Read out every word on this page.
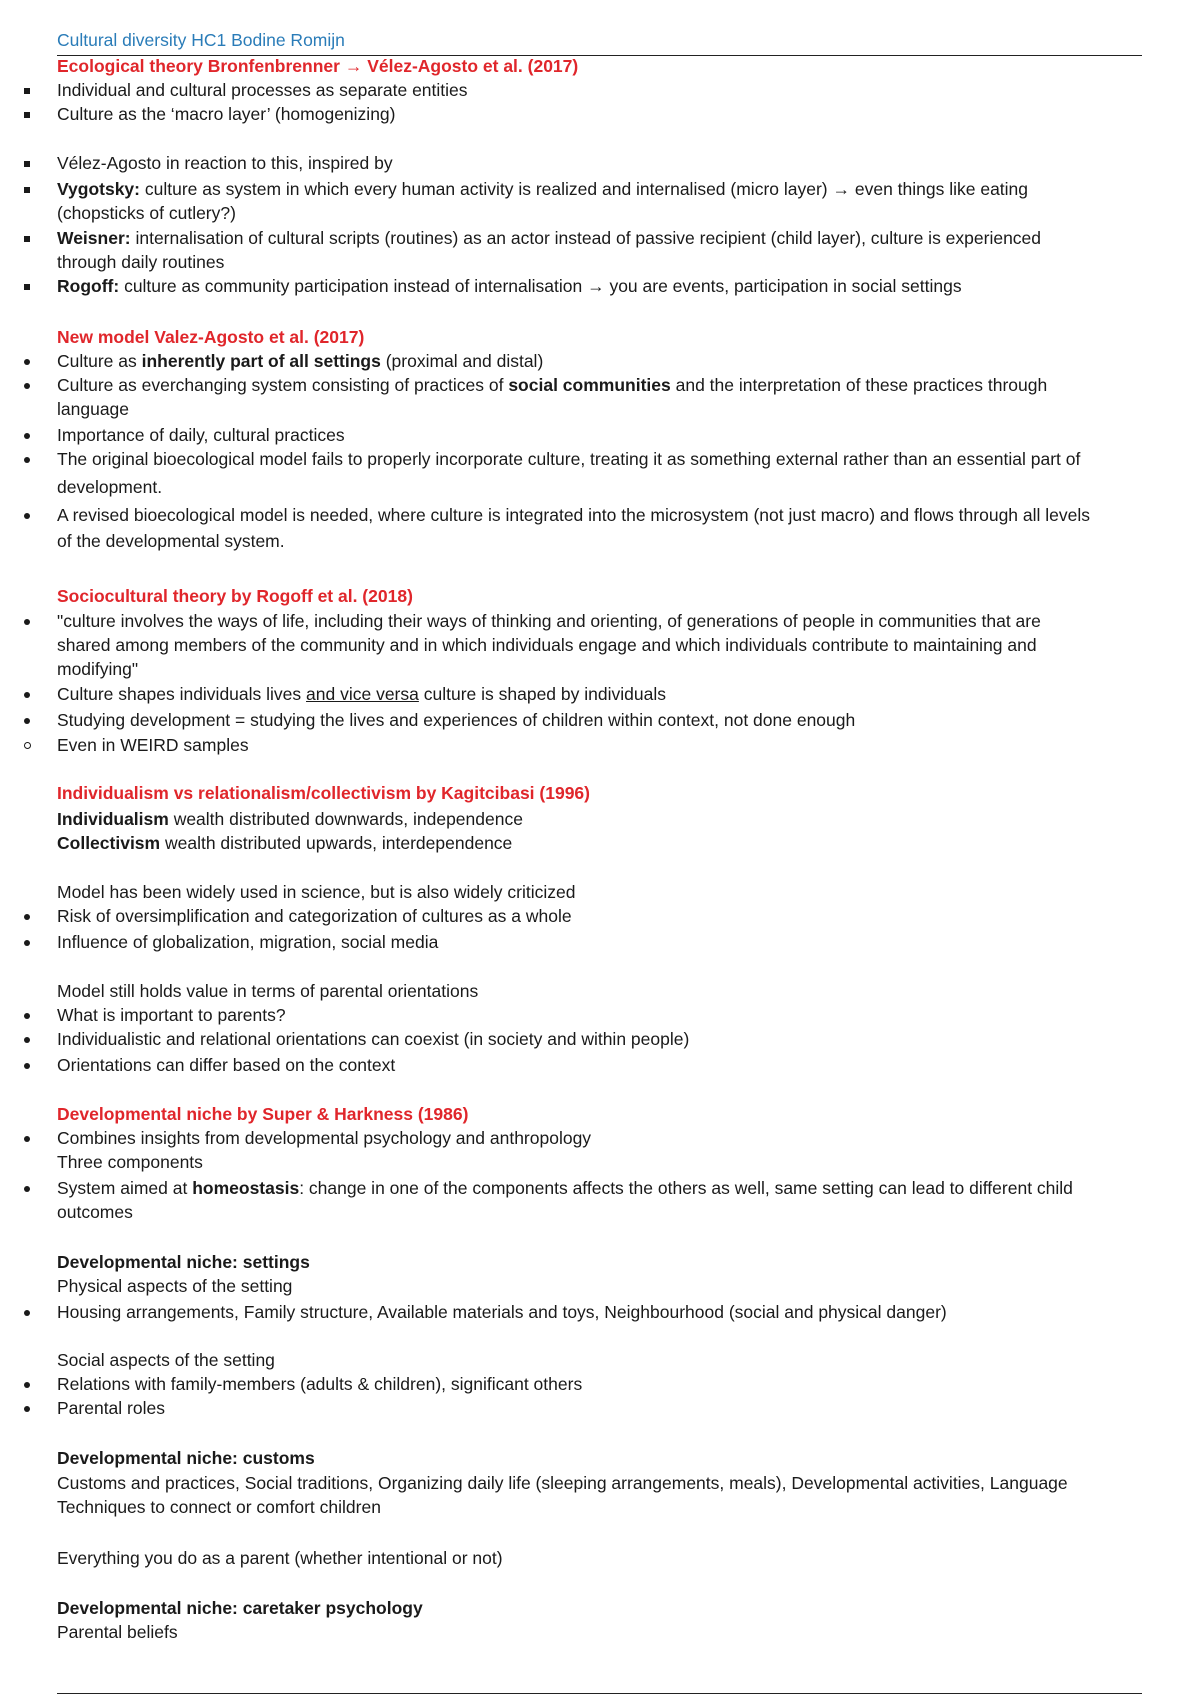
Cultural diversity HC1 Bodine Romijn
Ecological theory Bronfenbrenner → Vélez-Agosto et al. (2017)
Individual and cultural processes as separate entities
Culture as the ‘macro layer’ (homogenizing)
Vélez-Agosto in reaction to this, inspired by
Vygotsky: culture as system in which every human activity is realized and internalised (micro layer) → even things like eating
(chopsticks of cutlery?)
Weisner: internalisation of cultural scripts (routines) as an actor instead of passive recipient (child layer), culture is experienced
through daily routines
Rogoff: culture as community participation instead of internalisation → you are events, participation in social settings
New model Valez-Agosto et al. (2017)
Culture as inherently part of all settings (proximal and distal)
Culture as everchanging system consisting of practices of social communities and the interpretation of these practices through
language
Importance of daily, cultural practices
The original bioecological model fails to properly incorporate culture, treating it as something external rather than an essential part of
development.
A revised bioecological model is needed, where culture is integrated into the microsystem (not just macro) and flows through all levels
of the developmental system.
Sociocultural theory by Rogoff et al. (2018)
"culture involves the ways of life, including their ways of thinking and orienting, of generations of people in communities that are
shared among members of the community and in which individuals engage and which individuals contribute to maintaining and
modifying"
Culture shapes individuals lives and vice versa culture is shaped by individuals
Studying development = studying the lives and experiences of children within context, not done enough
Even in WEIRD samples
Individualism vs relationalism/collectivism by Kagitcibasi (1996)
Individualism wealth distributed downwards, independence
Collectivism wealth distributed upwards, interdependence
Model has been widely used in science, but is also widely criticized
Risk of oversimplification and categorization of cultures as a whole
Influence of globalization, migration, social media
Model still holds value in terms of parental orientations
What is important to parents?
Individualistic and relational orientations can coexist (in society and within people)
Orientations can differ based on the context
Developmental niche by Super & Harkness (1986)
Combines insights from developmental psychology and anthropology
Three components
System aimed at homeostasis: change in one of the components affects the others as well, same setting can lead to different child
outcomes
Developmental niche: settings
Physical aspects of the setting
Housing arrangements, Family structure, Available materials and toys, Neighbourhood (social and physical danger)
Social aspects of the setting
Relations with family-members (adults & children), significant others
Parental roles
Developmental niche: customs
Customs and practices, Social traditions, Organizing daily life (sleeping arrangements, meals), Developmental activities, Language
Techniques to connect or comfort children
Everything you do as a parent (whether intentional or not)
Developmental niche: caretaker psychology
Parental beliefs
